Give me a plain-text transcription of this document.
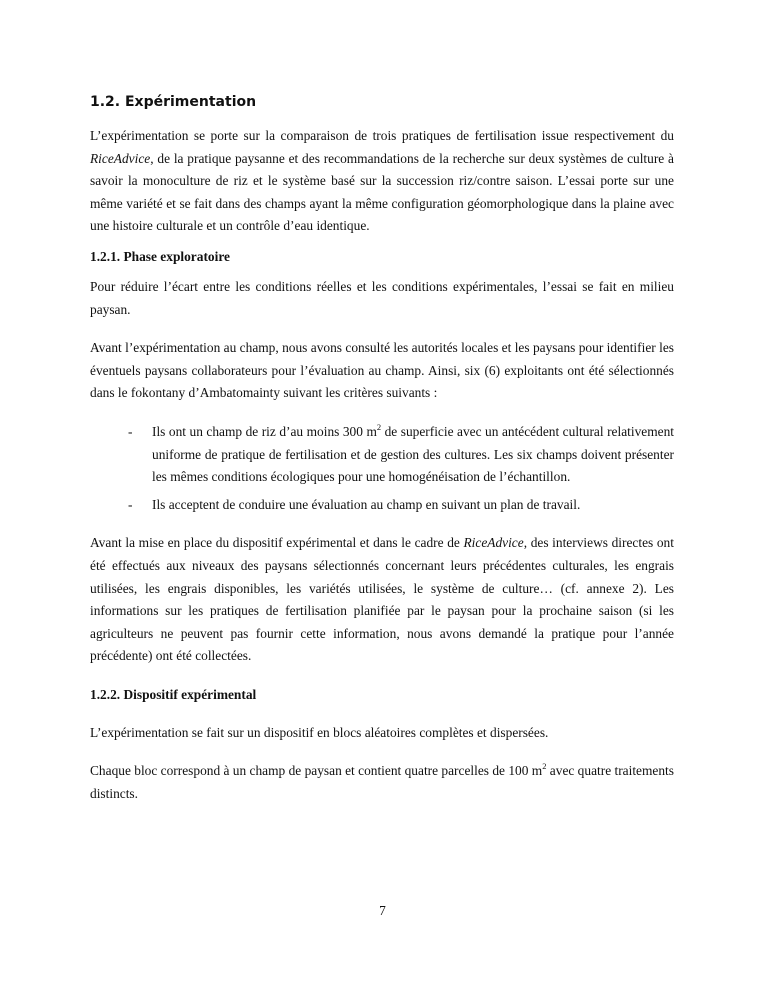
1.2. Expérimentation

L’expérimentation se porte sur la comparaison de trois pratiques de fertilisation issue respectivement du RiceAdvice, de la pratique paysanne et des recommandations de la recherche sur deux systèmes de culture à savoir la monoculture de riz et le système basé sur la succession riz/contre saison. L’essai porte sur une même variété et se fait dans des champs ayant la même configuration géomorphologique dans la plaine avec une histoire culturale et un contrôle d’eau identique.

1.2.1. Phase exploratoire

Pour réduire l’écart entre les conditions réelles et les conditions expérimentales, l’essai se fait en milieu paysan.

Avant l’expérimentation au champ, nous avons consulté les autorités locales et les paysans pour identifier les éventuels paysans collaborateurs pour l’évaluation au champ. Ainsi, six (6) exploitants ont été sélectionnés dans le fokontany d’Ambatomainty suivant les critères suivants :

- Ils ont un champ de riz d’au moins 300 $m^2$ de superficie avec un antécédent cultural relativement uniforme de pratique de fertilisation et de gestion des cultures. Les six champs doivent présenter les mêmes conditions écologiques pour une homogénéisation de l’échantillon.
- Ils acceptent de conduire une évaluation au champ en suivant un plan de travail.

Avant la mise en place du dispositif expérimental et dans le cadre de RiceAdvice, des interviews directes ont été effectués aux niveaux des paysans sélectionnés concernant leurs précédentes culturales, les engrais utilisées, les engrais disponibles, les variétés utilisées, le système de culture… (cf. annexe 2). Les informations sur les pratiques de fertilisation planifiée par le paysan pour la prochaine saison (si les agriculteurs ne peuvent pas fournir cette information, nous avons demandé la pratique pour l’année précédente) ont été collectées.

1.2.2. Dispositif expérimental

L’expérimentation se fait sur un dispositif en blocs aléatoires complètes et dispersées.

Chaque bloc correspond à un champ de paysan et contient quatre parcelles de 100 $m^2$ avec quatre traitements distincts.

7
